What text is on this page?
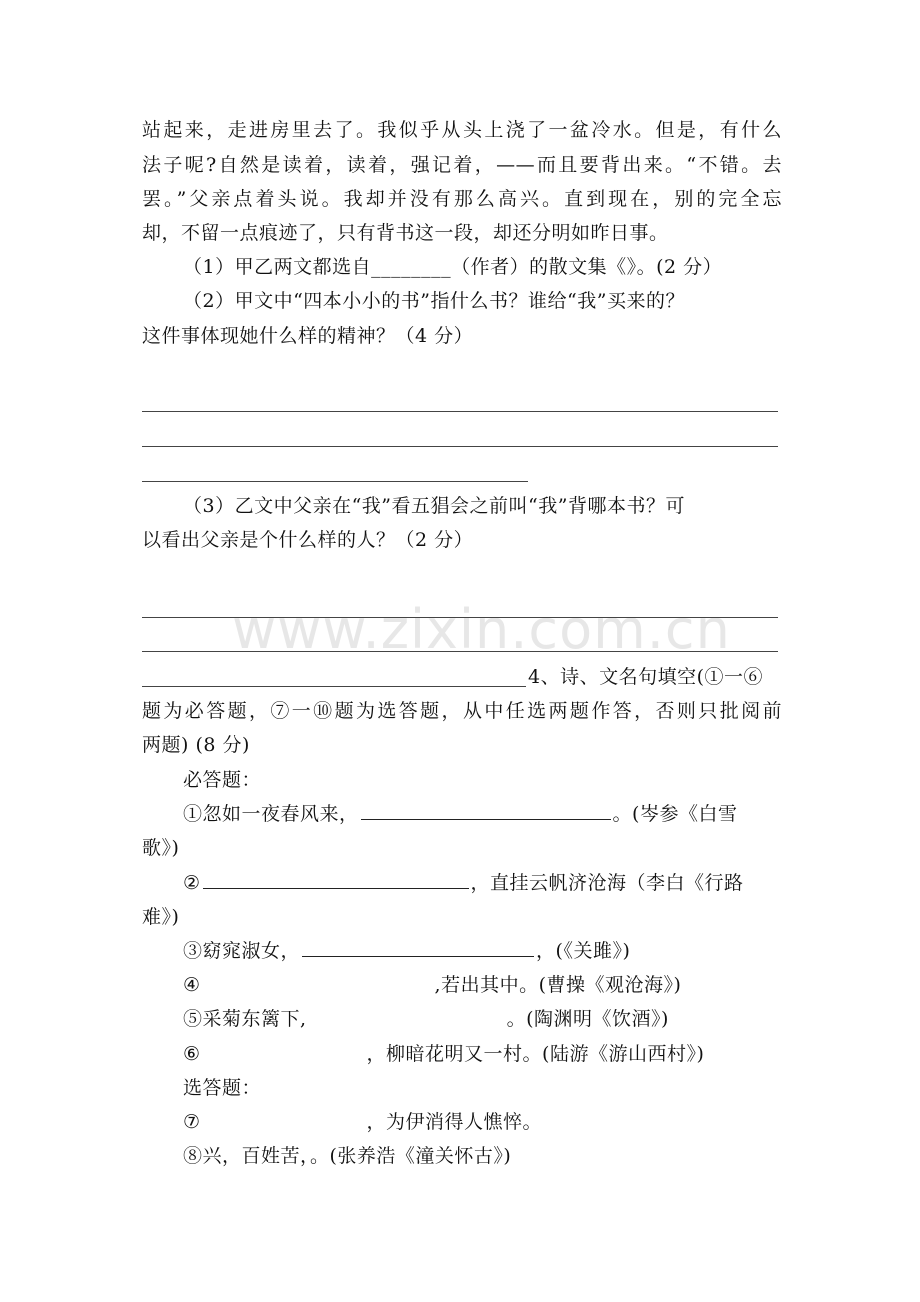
站起来，走进房里去了。我似乎从头上浇了一盆冷水。但是，有什么
法子呢?自然是读着，读着，强记着，——而且要背出来。“不错。去
罢。”父亲点着头说。我却并没有那么高兴。直到现在，别的完全忘
却，不留一点痕迹了，只有背书这一段，却还分明如昨日事。
（1）甲乙两文都选自________（作者）的散文集《》。(2 分）
（2）甲文中“四本小小的书”指什么书？谁给“我”买来的？
这件事体现她什么样的精神？（4 分）
（3）乙文中父亲在“我”看五猖会之前叫“我”背哪本书？可
以看出父亲是个什么样的人？（2 分）
www.zixin.com.cn
4、诗、文名句填空(①一⑥
题为必答题，⑦一⑩题为选答题，从中任选两题作答，否则只批阅前
两题) (8 分)
必答题：
①忽如一夜春风来，	。(岑参《白雪
歌》)
②	，直挂云帆济沧海（李白《行路
难》)
③窈窕淑女，	，(《关雎》)
④	,若出其中。(曹操《观沧海》)
⑤采菊东篱下,	。(陶渊明《饮酒》)
⑥	，柳暗花明又一村。(陆游《游山西村》)
选答题：
⑦	，为伊消得人憔悴。
⑧兴，百姓苦，。(张养浩《潼关怀古》)
